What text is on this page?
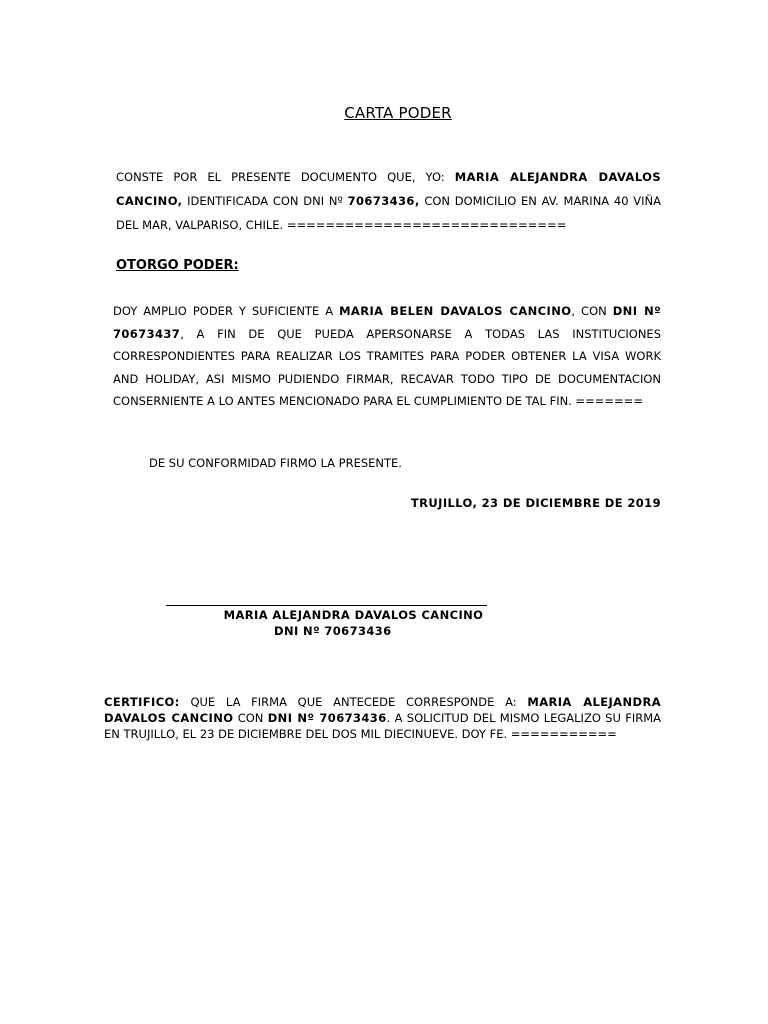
CARTA PODER

CONSTE POR EL PRESENTE DOCUMENTO QUE, YO: MARIA ALEJANDRA DAVALOS CANCINO, IDENTIFICADA CON DNI Nº 70673436, CON DOMICILIO EN AV. MARINA 40 VIÑA DEL MAR, VALPARISO, CHILE. =============================

OTORGO PODER:

DOY AMPLIO PODER Y SUFICIENTE A MARIA BELEN DAVALOS CANCINO, CON DNI Nº 70673437, A FIN DE QUE PUEDA APERSONARSE A TODAS LAS INSTITUCIONES CORRESPONDIENTES PARA REALIZAR LOS TRAMITES PARA PODER OBTENER LA VISA WORK AND HOLIDAY, ASI MISMO PUDIENDO FIRMAR, RECAVAR TODO TIPO DE DOCUMENTACION CONSERNIENTE A LO ANTES MENCIONADO PARA EL CUMPLIMIENTO DE TAL FIN. =======

DE SU CONFORMIDAD FIRMO LA PRESENTE.

TRUJILLO, 23 DE DICIEMBRE DE 2019

MARIA ALEJANDRA DAVALOS CANCINO

DNI Nº 70673436

CERTIFICO: QUE LA FIRMA QUE ANTECEDE CORRESPONDE A: MARIA ALEJANDRA DAVALOS CANCINO CON DNI Nº 70673436. A SOLICITUD DEL MISMO LEGALIZO SU FIRMA EN TRUJILLO, EL 23 DE DICIEMBRE DEL DOS MIL DIECINUEVE. DOY FE. ===========
